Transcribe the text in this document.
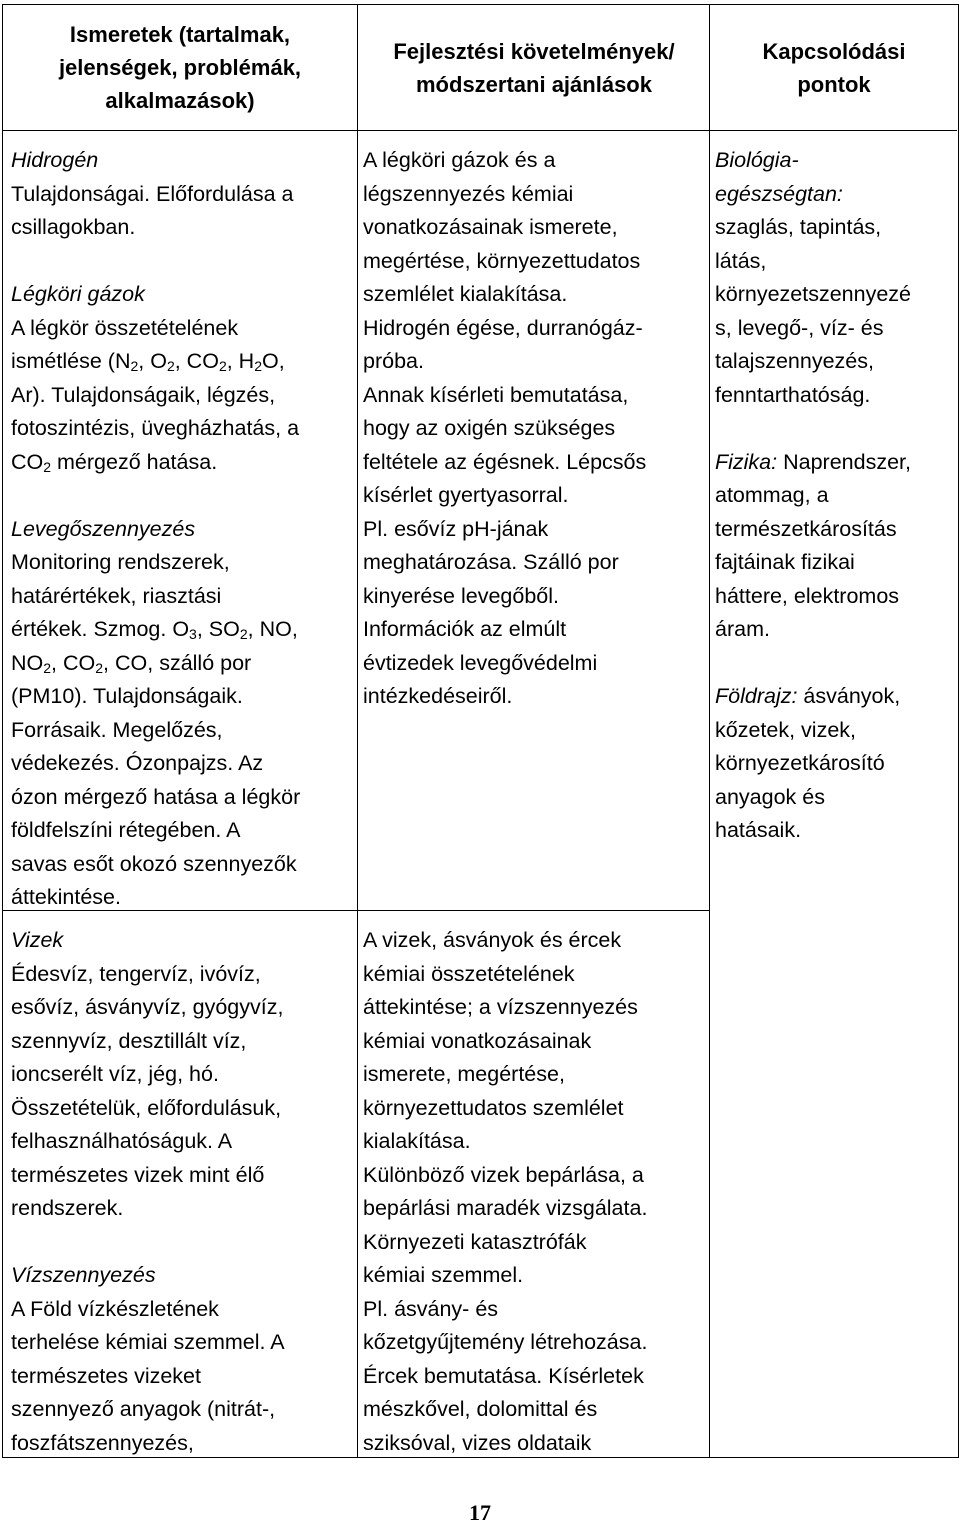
Ismeretek (tartalmak,
jelenségek, problémák,
alkalmazások)
Fejlesztési követelmények/
módszertani ajánlások
Kapcsolódási
pontok
Hidrogén
Tulajdonságai. Előfordulása a
csillagokban.
Légköri gázok
A légkör összetételének
ismétlése ($N_2$, $O_2$, $CO_2$, $H_2O$,
Ar). Tulajdonságaik, légzés,
fotoszintézis, üvegházhatás, a
$CO_2$ mérgező hatása.
Levegőszennyezés
Monitoring rendszerek,
határértékek, riasztási
értékek. Szmog. $O_3$, $SO_2$, NO,
$NO_2$, $CO_2$, CO, szálló por
(PM10). Tulajdonságaik.
Forrásaik. Megelőzés,
védekezés. Ózonpajzs. Az
ózon mérgező hatása a légkör
földfelszíni rétegében. A
savas esőt okozó szennyezők
áttekintése.
A légköri gázok és a
légszennyezés kémiai
vonatkozásainak ismerete,
megértése, környezettudatos
szemlélet kialakítása.
Hidrogén égése, durranógáz-
próba.
Annak kísérleti bemutatása,
hogy az oxigén szükséges
feltétele az égésnek. Lépcsős
kísérlet gyertyasorral.
Pl. esővíz pH-jának
meghatározása. Szálló por
kinyerése levegőből.
Információk az elmúlt
évtizedek levegővédelmi
intézkedéseiről.
Biológia-
egészségtan:
szaglás, tapintás,
látás,
környezetszennyezé
s, levegő-, víz- és
talajszennyezés,
fenntarthatóság.
Fizika: Naprendszer,
atommag, a
természetkárosítás
fajtáinak fizikai
háttere, elektromos
áram.
Földrajz: ásványok,
kőzetek, vizek,
környezetkárosító
anyagok és
hatásaik.
Vizek
Édesvíz, tengervíz, ivóvíz,
esővíz, ásványvíz, gyógyvíz,
szennyvíz, desztillált víz,
ioncserélt víz, jég, hó.
Összetételük, előfordulásuk,
felhasználhatóságuk. A
természetes vizek mint élő
rendszerek.
Vízszennyezés
A Föld vízkészletének
terhelése kémiai szemmel. A
természetes vizeket
szennyező anyagok (nitrát-,
foszfátszennyezés,
A vizek, ásványok és ércek
kémiai összetételének
áttekintése; a vízszennyezés
kémiai vonatkozásainak
ismerete, megértése,
környezettudatos szemlélet
kialakítása.
Különböző vizek bepárlása, a
bepárlási maradék vizsgálata.
Környezeti katasztrófák
kémiai szemmel.
Pl. ásvány- és
kőzetgyűjtemény létrehozása.
Ércek bemutatása. Kísérletek
mészkővel, dolomittal és
sziksóval, vizes oldataik
17
